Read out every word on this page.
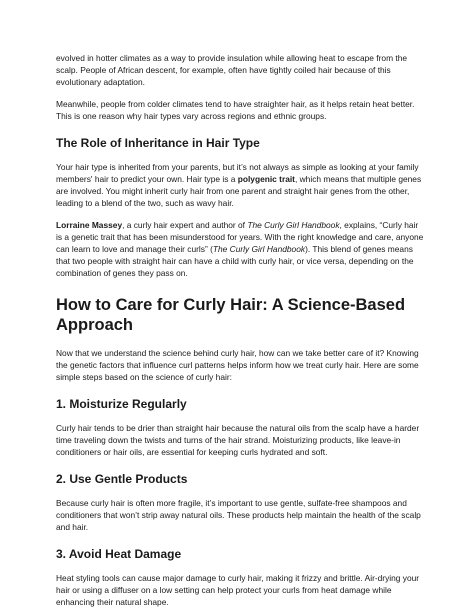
evolved in hotter climates as a way to provide insulation while allowing heat to escape from the scalp. People of African descent, for example, often have tightly coiled hair because of this evolutionary adaptation.

Meanwhile, people from colder climates tend to have straighter hair, as it helps retain heat better. This is one reason why hair types vary across regions and ethnic groups.

The Role of Inheritance in Hair Type

Your hair type is inherited from your parents, but it’s not always as simple as looking at your family members' hair to predict your own. Hair type is a polygenic trait, which means that multiple genes are involved. You might inherit curly hair from one parent and straight hair genes from the other, leading to a blend of the two, such as wavy hair.

Lorraine Massey, a curly hair expert and author of The Curly Girl Handbook, explains, “Curly hair is a genetic trait that has been misunderstood for years. With the right knowledge and care, anyone can learn to love and manage their curls” (The Curly Girl Handbook). This blend of genes means that two people with straight hair can have a child with curly hair, or vice versa, depending on the combination of genes they pass on.

How to Care for Curly Hair: A Science-Based Approach

Now that we understand the science behind curly hair, how can we take better care of it? Knowing the genetic factors that influence curl patterns helps inform how we treat curly hair. Here are some simple steps based on the science of curly hair:

1. Moisturize Regularly

Curly hair tends to be drier than straight hair because the natural oils from the scalp have a harder time traveling down the twists and turns of the hair strand. Moisturizing products, like leave-in conditioners or hair oils, are essential for keeping curls hydrated and soft.

2. Use Gentle Products

Because curly hair is often more fragile, it’s important to use gentle, sulfate-free shampoos and conditioners that won’t strip away natural oils. These products help maintain the health of the scalp and hair.

3. Avoid Heat Damage

Heat styling tools can cause major damage to curly hair, making it frizzy and brittle. Air-drying your hair or using a diffuser on a low setting can help protect your curls from heat damage while enhancing their natural shape.
